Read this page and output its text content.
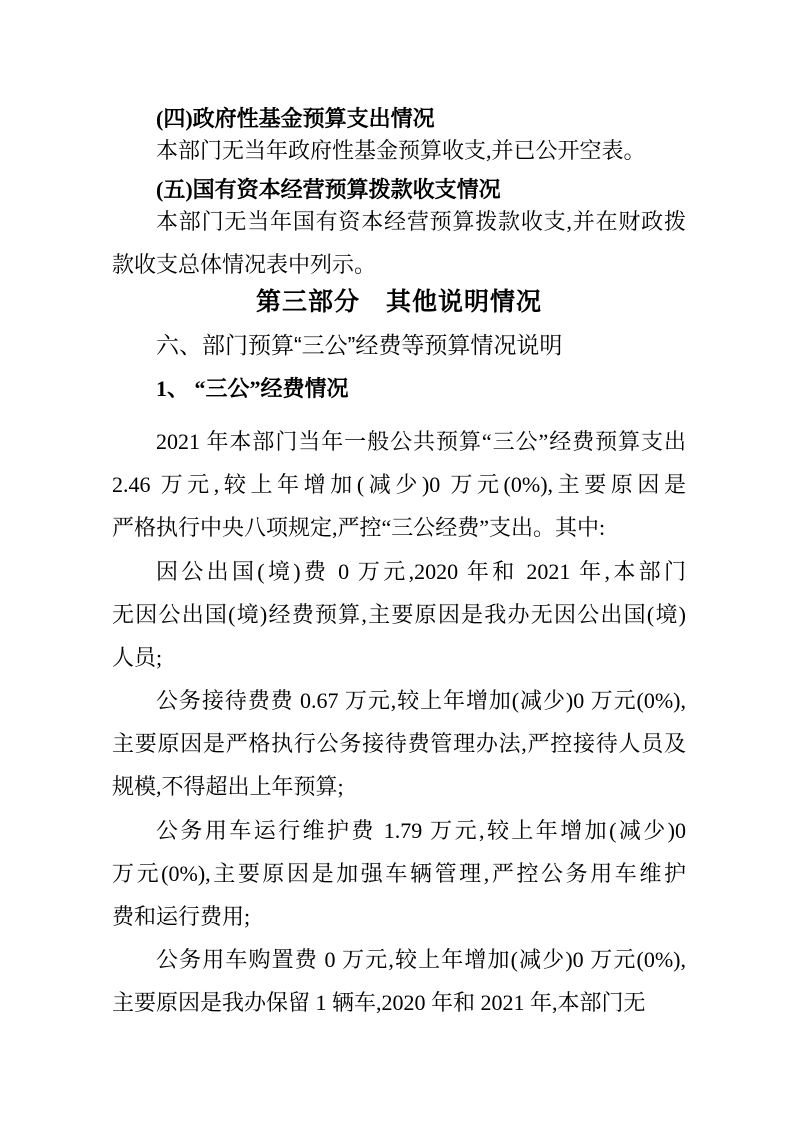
(四)政府性基金预算支出情况
本部门无当年政府性基金预算收支,并已公开空表。
(五)国有资本经营预算拨款收支情况
本部门无当年国有资本经营预算拨款收支,并在财政拨
款收支总体情况表中列示。
第三部分　其他说明情况
六、部门预算“三公”经费等预算情况说明
1、 “三公”经费情况
2021 年本部门当年一般公共预算“三公”经费预算支出
2.46 万元,较上年增加(减少)0 万元(0%),主要原因是
严格执行中央八项规定,严控“三公经费”支出。其中:
因公出国(境)费 0 万元,2020 年和 2021 年,本部门
无因公出国(境)经费预算,主要原因是我办无因公出国(境)
人员;
公务接待费费 0.67 万元,较上年增加(减少)0 万元(0%),
主要原因是严格执行公务接待费管理办法,严控接待人员及
规模,不得超出上年预算;
公务用车运行维护费 1.79 万元,较上年增加(减少)0
万元(0%),主要原因是加强车辆管理,严控公务用车维护
费和运行费用;
公务用车购置费 0 万元,较上年增加(减少)0 万元(0%),
主要原因是我办保留 1 辆车,2020 年和 2021 年,本部门无
